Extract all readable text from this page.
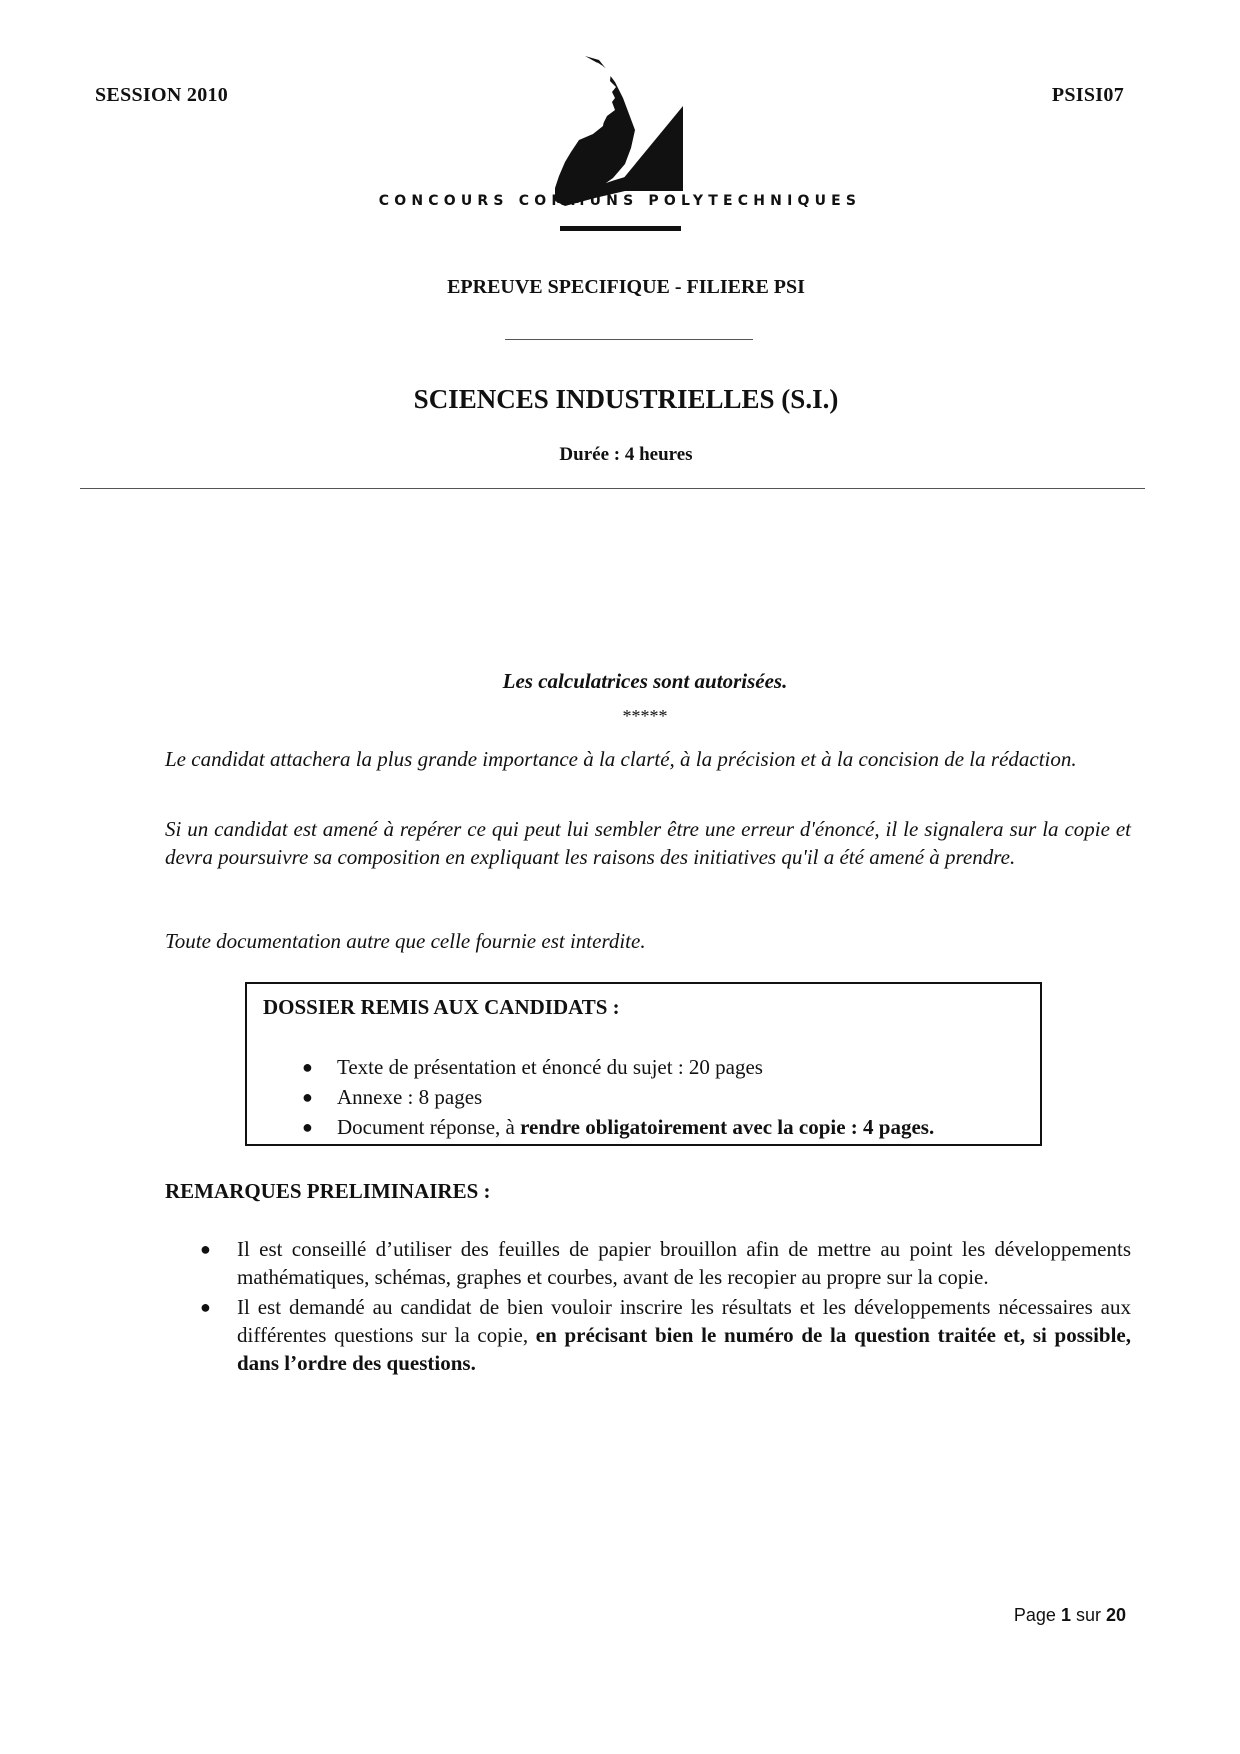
SESSION 2010	PSISI07
CONCOURS COMMUNS POLYTECHNIQUES
EPREUVE SPECIFIQUE - FILIERE PSI
SCIENCES INDUSTRIELLES (S.I.)
Durée : 4 heures
Les calculatrices sont autorisées.
*****
Le candidat attachera la plus grande importance à la clarté, à la précision et à la concision de la rédaction.
Si un candidat est amené à repérer ce qui peut lui sembler être une erreur d'énoncé, il le signalera sur la copie et devra poursuivre sa composition en expliquant les raisons des initiatives qu'il a été amené à prendre.
Toute documentation autre que celle fournie est interdite.
DOSSIER REMIS AUX CANDIDATS :
● Texte de présentation et énoncé du sujet : 20 pages
● Annexe : 8 pages
● Document réponse, à rendre obligatoirement avec la copie : 4 pages.
REMARQUES PRELIMINAIRES :
● Il est conseillé d’utiliser des feuilles de papier brouillon afin de mettre au point les développements mathématiques, schémas, graphes et courbes, avant de les recopier au propre sur la copie.
● Il est demandé au candidat de bien vouloir inscrire les résultats et les développements nécessaires aux différentes questions sur la copie, en précisant bien le numéro de la question traitée et, si possible, dans l’ordre des questions.
Page 1 sur 20
